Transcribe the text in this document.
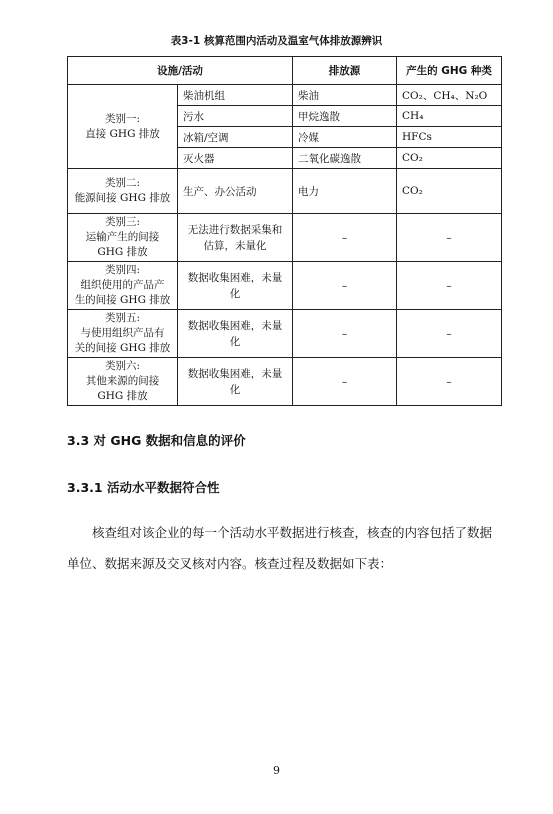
表3-1 核算范围内活动及温室气体排放源辨识
设施/活动		排放源	产生的 GHG 种类

类别一:
直接 GHG 排放	柴油机组	柴油	CO₂、CH₄、N₂O
	污水	甲烷逸散	CH₄
	冰箱/空调	冷媒	HFCs
	灭火器	二氧化碳逸散	CO₂

类别二:
能源间接 GHG 排放	生产、办公活动	电力	CO₂

类别三:
运输产生的间接
GHG 排放	无法进行数据采集和估算，未量化	–	–

类别四:
组织使用的产品产
生的间接 GHG 排放	数据收集困难，未量化	–	–

类别五:
与使用组织产品有
关的间接 GHG 排放	数据收集困难，未量化	–	–

类别六:
其他来源的间接
GHG 排放	数据收集困难，未量化	–	–
3.3 对 GHG 数据和信息的评价
3.3.1 活动水平数据符合性
核查组对该企业的每一个活动水平数据进行核查，核查的内容包括了数据单位、数据来源及交叉核对内容。核查过程及数据如下表：
9
